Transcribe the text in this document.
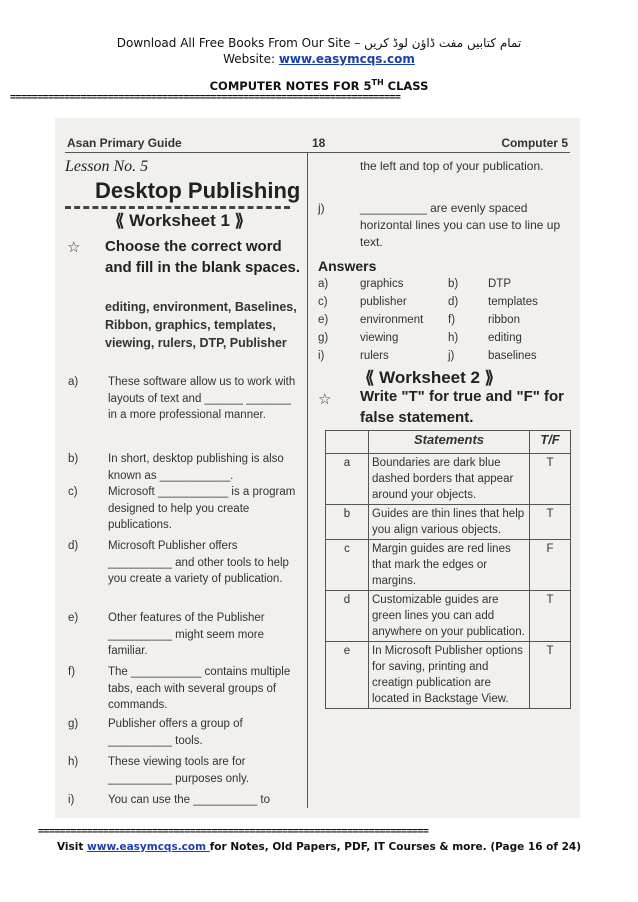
Download All Free Books From Our Site – تمام کتابیں مفت ڈاؤن لوڈ کریں
Website: www.easymcqs.com
COMPUTER NOTES FOR 5TH CLASS
========================================================================
Asan Primary Guide	18	Computer 5
Lesson No. 5
Desktop Publishing
⟪ Worksheet 1 ⟫
☆ Choose the correct word and fill in the blank spaces.
editing, environment, Baselines, Ribbon, graphics, templates, viewing, rulers, DTP, Publisher
a)	These software allow us to work with layouts of text and ______ _______ in a more professional manner.
b)	In short, desktop publishing is also known as ___________.
c)	Microsoft ___________ is a program designed to help you create publications.
d)	Microsoft Publisher offers __________ and other tools to help you create a variety of publication.
e)	Other features of the Publisher __________ might seem more familiar.
f)	The ___________ contains multiple tabs, each with several groups of commands.
g)	Publisher offers a group of __________ tools.
h)	These viewing tools are for __________ purposes only.
i)	You can use the __________ to
the left and top of your publication.
j)	__________ are evenly spaced horizontal lines you can use to line up text.
Answers
a)	graphics	b)	DTP
c)	publisher	d)	templates
e)	environment f)	ribbon
g)	viewing	h)	editing
i)	rulers	j)	baselines
⟪ Worksheet 2 ⟫
☆ Write "T" for true and "F" for false statement.
	Statements	T/F
a	Boundaries are dark blue dashed borders that appear around your objects.	T
b	Guides are thin lines that help you align various objects.	T
c	Margin guides are red lines that mark the edges or margins.	F
d	Customizable guides are green lines you can add anywhere on your publication.	T
e	In Microsoft Publisher options for saving, printing and creatign publication are located in Backstage View.	T
========================================================================
Visit www.easymcqs.com for Notes, Old Papers, PDF, IT Courses & more. (Page 16 of 24)
